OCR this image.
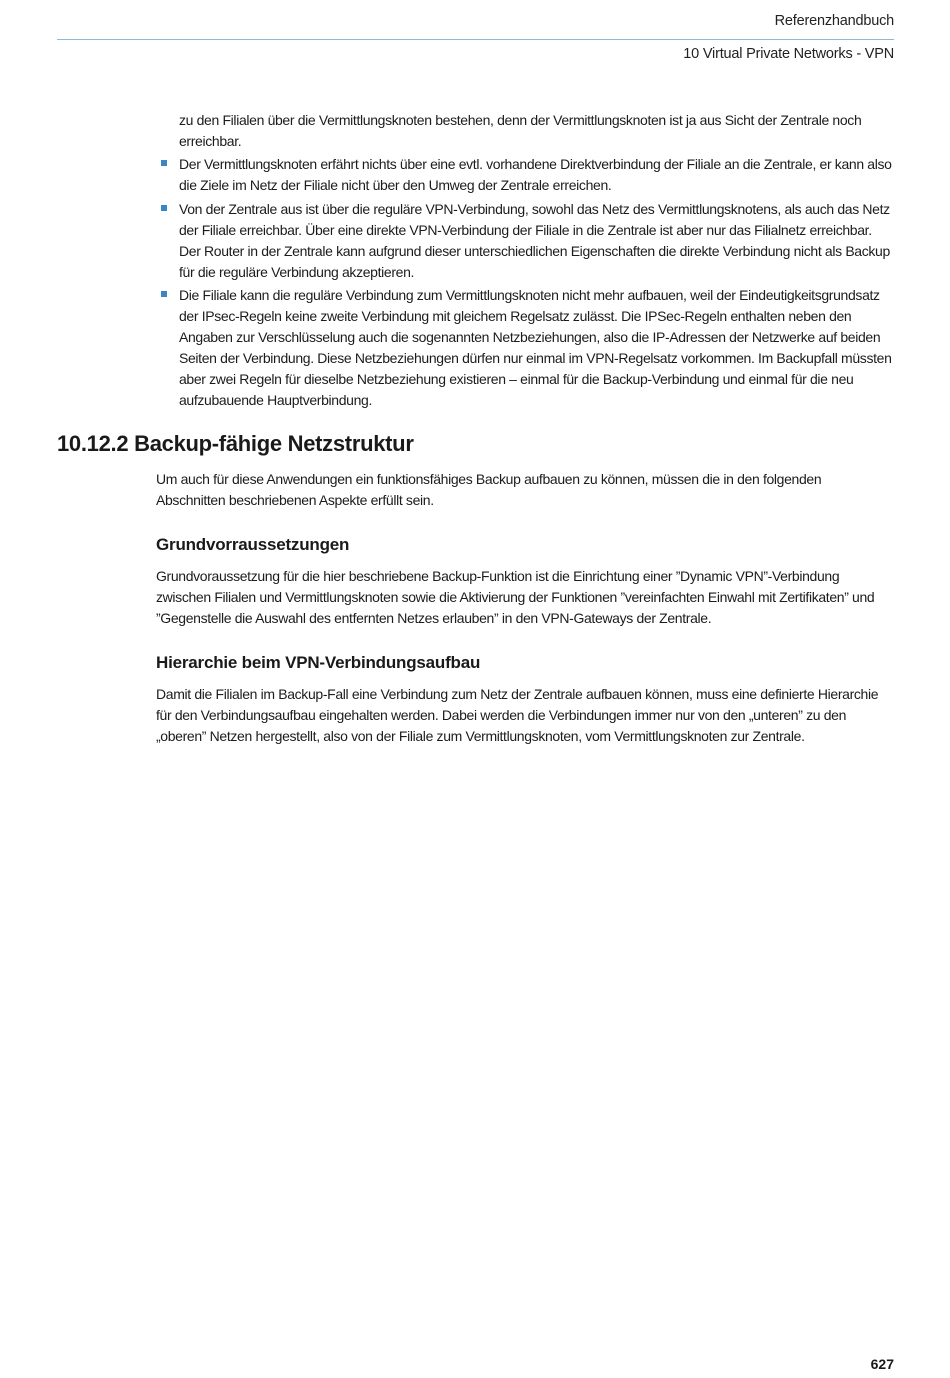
Referenzhandbuch
10 Virtual Private Networks - VPN

zu den Filialen über die Vermittlungsknoten bestehen, denn der Vermittlungsknoten ist ja aus Sicht der Zentrale noch erreichbar.

Der Vermittlungsknoten erfährt nichts über eine evtl. vorhandene Direktverbindung der Filiale an die Zentrale, er kann also die Ziele im Netz der Filiale nicht über den Umweg der Zentrale erreichen.

Von der Zentrale aus ist über die reguläre VPN-Verbindung, sowohl das Netz des Vermittlungsknotens, als auch das Netz der Filiale erreichbar. Über eine direkte VPN-Verbindung der Filiale in die Zentrale ist aber nur das Filialnetz erreichbar. Der Router in der Zentrale kann aufgrund dieser unterschiedlichen Eigenschaften die direkte Verbindung nicht als Backup für die reguläre Verbindung akzeptieren.

Die Filiale kann die reguläre Verbindung zum Vermittlungsknoten nicht mehr aufbauen, weil der Eindeutigkeitsgrundsatz der IPsec-Regeln keine zweite Verbindung mit gleichem Regelsatz zulässt. Die IPSec-Regeln enthalten neben den Angaben zur Verschlüsselung auch die sogenannten Netzbeziehungen, also die IP-Adressen der Netzwerke auf beiden Seiten der Verbindung. Diese Netzbeziehungen dürfen nur einmal im VPN-Regelsatz vorkommen. Im Backupfall müssten aber zwei Regeln für dieselbe Netzbeziehung existieren – einmal für die Backup-Verbindung und einmal für die neu aufzubauende Hauptverbindung.

10.12.2 Backup-fähige Netzstruktur

Um auch für diese Anwendungen ein funktionsfähiges Backup aufbauen zu können, müssen die in den folgenden Abschnitten beschriebenen Aspekte erfüllt sein.

Grundvorraussetzungen

Grundvoraussetzung für die hier beschriebene Backup-Funktion ist die Einrichtung einer ”Dynamic VPN”-Verbindung zwischen Filialen und Vermittlungsknoten sowie die Aktivierung der Funktionen ”vereinfachten Einwahl mit Zertifikaten” und ”Gegenstelle die Auswahl des entfernten Netzes erlauben” in den VPN-Gateways der Zentrale.

Hierarchie beim VPN-Verbindungsaufbau

Damit die Filialen im Backup-Fall eine Verbindung zum Netz der Zentrale aufbauen können, muss eine definierte Hierarchie für den Verbindungsaufbau eingehalten werden. Dabei werden die Verbindungen immer nur von den „unteren” zu den „oberen” Netzen hergestellt, also von der Filiale zum Vermittlungsknoten, vom Vermittlungsknoten zur Zentrale.

627
